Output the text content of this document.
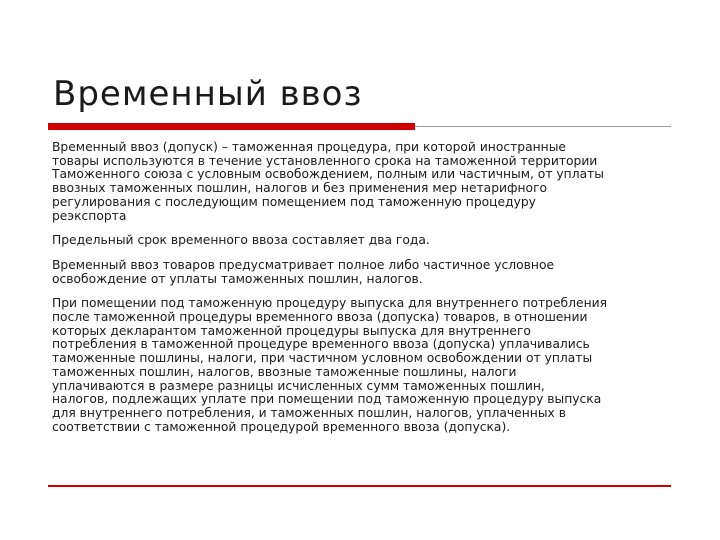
Временный ввоз
Временный ввоз (допуск) – таможенная процедура, при которой иностранные
товары используются в течение установленного срока на таможенной территории
Таможенного союза с условным освобождением, полным или частичным, от уплаты
ввозных таможенных пошлин, налогов и без применения мер нетарифного
регулирования с последующим помещением под таможенную процедуру
реэкспорта
Предельный срок временного ввоза составляет два года.
Временный ввоз товаров предусматривает полное либо частичное условное
освобождение от уплаты таможенных пошлин, налогов.
При помещении под таможенную процедуру выпуска для внутреннего потребления
после таможенной процедуры временного ввоза (допуска) товаров, в отношении
которых декларантом таможенной процедуры выпуска для внутреннего
потребления в таможенной процедуре временного ввоза (допуска) уплачивались
таможенные пошлины, налоги, при частичном условном освобождении от уплаты
таможенных пошлин, налогов, ввозные таможенные пошлины, налоги
уплачиваются в размере разницы исчисленных сумм таможенных пошлин,
налогов, подлежащих уплате при помещении под таможенную процедуру выпуска
для внутреннего потребления, и таможенных пошлин, налогов, уплаченных в
соответствии с таможенной процедурой временного ввоза (допуска).
